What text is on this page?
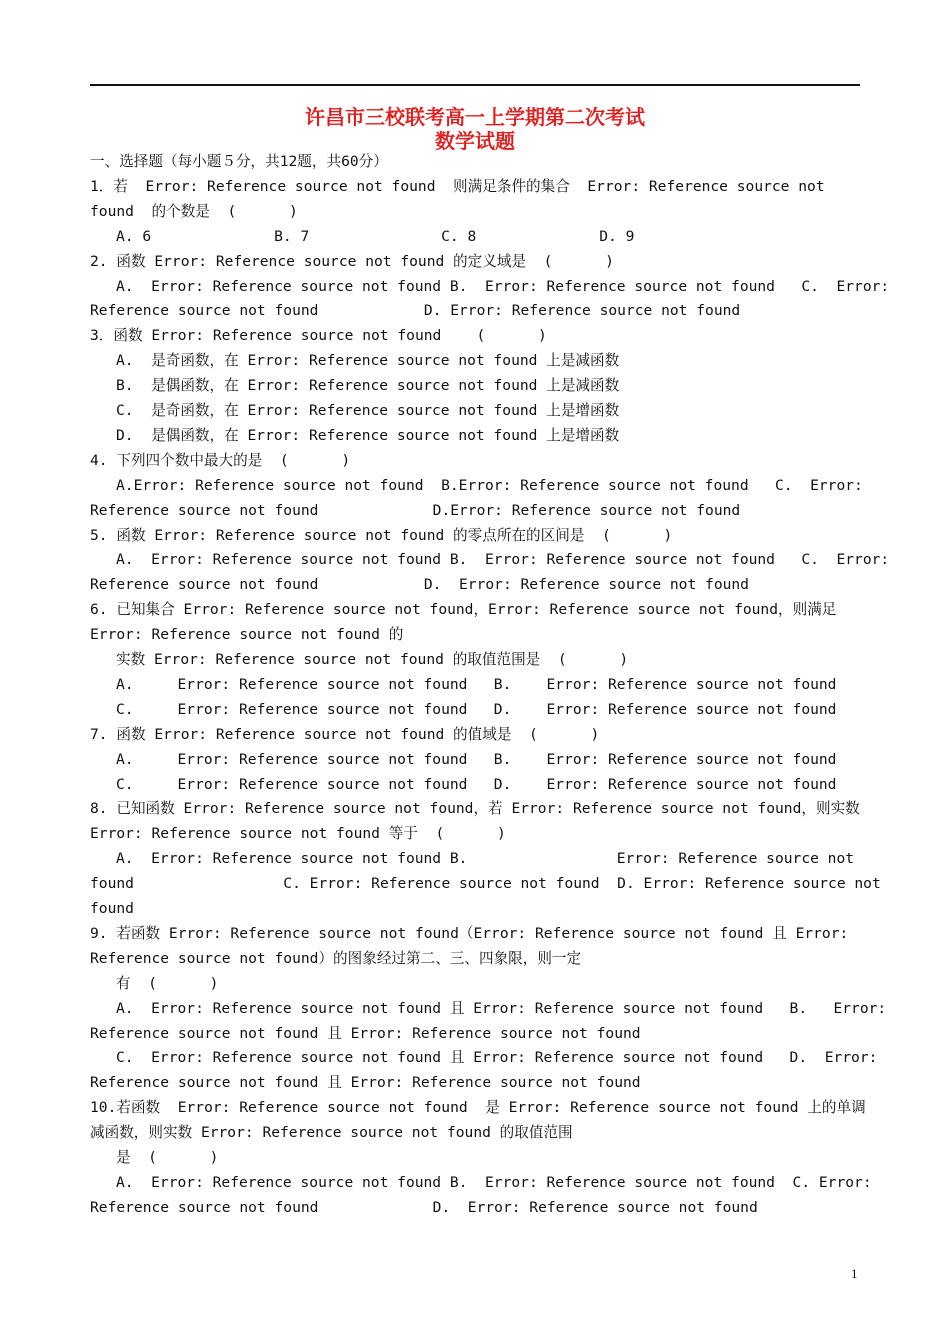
许昌市三校联考高一上学期第二次考试
数学试题
一、选择题（每小题５分，共12题，共60分）
1．若  Error: Reference source not found  则满足条件的集合  Error: Reference source not
found  的个数是  (      )
A. 6              B. 7               C. 8              D. 9
2. 函数 Error: Reference source not found 的定义域是  (      )
A.  Error: Reference source not found B.  Error: Reference source not found   C.  Error:
Reference source not found            D. Error: Reference source not found
3．函数 Error: Reference source not found    (      )
A.  是奇函数，在 Error: Reference source not found 上是减函数
B.  是偶函数，在 Error: Reference source not found 上是减函数
C.  是奇函数，在 Error: Reference source not found 上是增函数
D.  是偶函数，在 Error: Reference source not found 上是增函数
4. 下列四个数中最大的是  (      )
A.Error: Reference source not found  B.Error: Reference source not found   C.  Error:
Reference source not found             D.Error: Reference source not found
5. 函数 Error: Reference source not found 的零点所在的区间是  (      )
A.  Error: Reference source not found B.  Error: Reference source not found   C.  Error:
Reference source not found            D.  Error: Reference source not found
6. 已知集合 Error: Reference source not found，Error: Reference source not found，则满足
Error: Reference source not found 的
实数 Error: Reference source not found 的取值范围是  (      )
A.     Error: Reference source not found   B.    Error: Reference source not found
C.     Error: Reference source not found   D.    Error: Reference source not found
7. 函数 Error: Reference source not found 的值域是  (      )
A.     Error: Reference source not found   B.    Error: Reference source not found
C.     Error: Reference source not found   D.    Error: Reference source not found
8. 已知函数 Error: Reference source not found，若 Error: Reference source not found，则实数
Error: Reference source not found 等于  (      )
A.  Error: Reference source not found B.                 Error: Reference source not
found                 C. Error: Reference source not found  D. Error: Reference source not
found
9. 若函数 Error: Reference source not found（Error: Reference source not found 且 Error:
Reference source not found）的图象经过第二、三、四象限，则一定
有  (      )
A.  Error: Reference source not found 且 Error: Reference source not found   B.   Error:
Reference source not found 且 Error: Reference source not found
C.  Error: Reference source not found 且 Error: Reference source not found   D.  Error:
Reference source not found 且 Error: Reference source not found
10.若函数  Error: Reference source not found  是 Error: Reference source not found 上的单调
减函数，则实数 Error: Reference source not found 的取值范围
是  (      )
A.  Error: Reference source not found B.  Error: Reference source not found  C. Error:
Reference source not found             D.  Error: Reference source not found
1
